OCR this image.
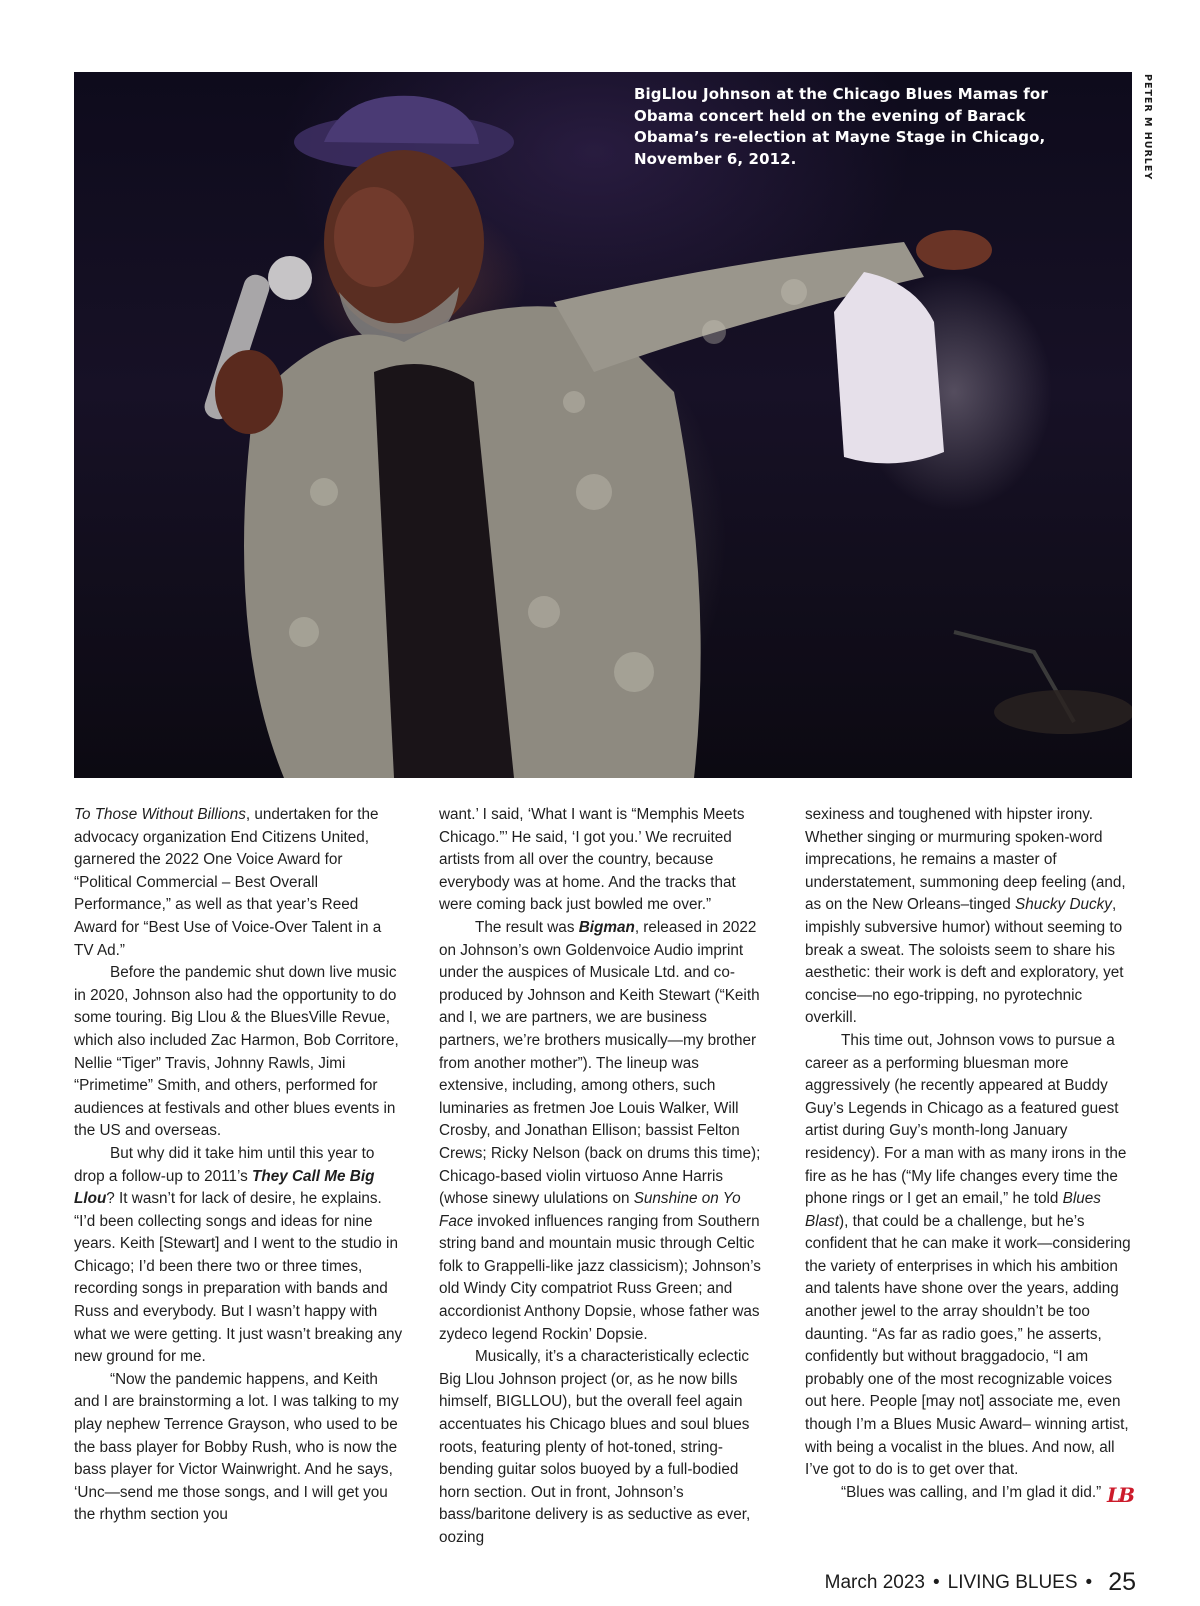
BigLlou Johnson at the Chicago Blues Mamas for Obama concert held on the evening of Barack Obama’s re-election at Mayne Stage in Chicago, November 6, 2012.	PETER M HURLEY

To Those Without Billions, undertaken for the advocacy organization End Citizens United, garnered the 2022 One Voice Award for “Political Commercial – Best Overall Performance,” as well as that year’s Reed Award for “Best Use of Voice-Over Talent in a TV Ad.”

Before the pandemic shut down live music in 2020, Johnson also had the opportunity to do some touring. Big Llou & the BluesVille Revue, which also included Zac Harmon, Bob Corritore, Nellie “Tiger” Travis, Johnny Rawls, Jimi “Primetime” Smith, and others, performed for audiences at festivals and other blues events in the US and overseas.

But why did it take him until this year to drop a follow-up to 2011’s They Call Me Big Llou? It wasn’t for lack of desire, he explains. “I’d been collecting songs and ideas for nine years. Keith [Stewart] and I went to the studio in Chicago; I’d been there two or three times, recording songs in preparation with bands and Russ and everybody. But I wasn’t happy with what we were getting. It just wasn’t breaking any new ground for me.

“Now the pandemic happens, and Keith and I are brainstorming a lot. I was talking to my play nephew Terrence Grayson, who used to be the bass player for Bobby Rush, who is now the bass player for Victor Wainwright. And he says, ‘Unc—send me those songs, and I will get you the rhythm section you

want.’ I said, ‘What I want is “Memphis Meets Chicago.”’ He said, ‘I got you.’ We recruited artists from all over the country, because everybody was at home. And the tracks that were coming back just bowled me over.”

The result was Bigman, released in 2022 on Johnson’s own Goldenvoice Audio imprint under the auspices of Musicale Ltd. and co-produced by Johnson and Keith Stewart (“Keith and I, we are partners, we are business partners, we’re brothers musically—my brother from another mother”). The lineup was extensive, including, among others, such luminaries as fretmen Joe Louis Walker, Will Crosby, and Jonathan Ellison; bassist Felton Crews; Ricky Nelson (back on drums this time); Chicago-based violin virtuoso Anne Harris (whose sinewy ululations on Sunshine on Yo Face invoked influences ranging from Southern string band and mountain music through Celtic folk to Grappelli-like jazz classicism); Johnson’s old Windy City compatriot Russ Green; and accordionist Anthony Dopsie, whose father was zydeco legend Rockin’ Dopsie.

Musically, it’s a characteristically eclectic Big Llou Johnson project (or, as he now bills himself, BIGLLOU), but the overall feel again accentuates his Chicago blues and soul blues roots, featuring plenty of hot-toned, string-bending guitar solos buoyed by a full-bodied horn section. Out in front, Johnson’s bass/baritone delivery is as seductive as ever, oozing

sexiness and toughened with hipster irony. Whether singing or murmuring spoken-word imprecations, he remains a master of understatement, summoning deep feeling (and, as on the New Orleans–tinged Shucky Ducky, impishly subversive humor) without seeming to break a sweat. The soloists seem to share his aesthetic: their work is deft and exploratory, yet concise—no ego-tripping, no pyrotechnic overkill.

This time out, Johnson vows to pursue a career as a performing bluesman more aggressively (he recently appeared at Buddy Guy’s Legends in Chicago as a featured guest artist during Guy’s month-long January residency). For a man with as many irons in the fire as he has (“My life changes every time the phone rings or I get an email,” he told Blues Blast), that could be a challenge, but he’s confident that he can make it work—considering the variety of enterprises in which his ambition and talents have shone over the years, adding another jewel to the array shouldn’t be too daunting. “As far as radio goes,” he asserts, confidently but without braggadocio, “I am probably one of the most recognizable voices out here. People [may not] associate me, even though I’m a Blues Music Award– winning artist, with being a vocalist in the blues. And now, all I’ve got to do is to get over that.

“Blues was calling, and I’m glad it did.” LB
March 2023 • LIVING BLUES • 25
